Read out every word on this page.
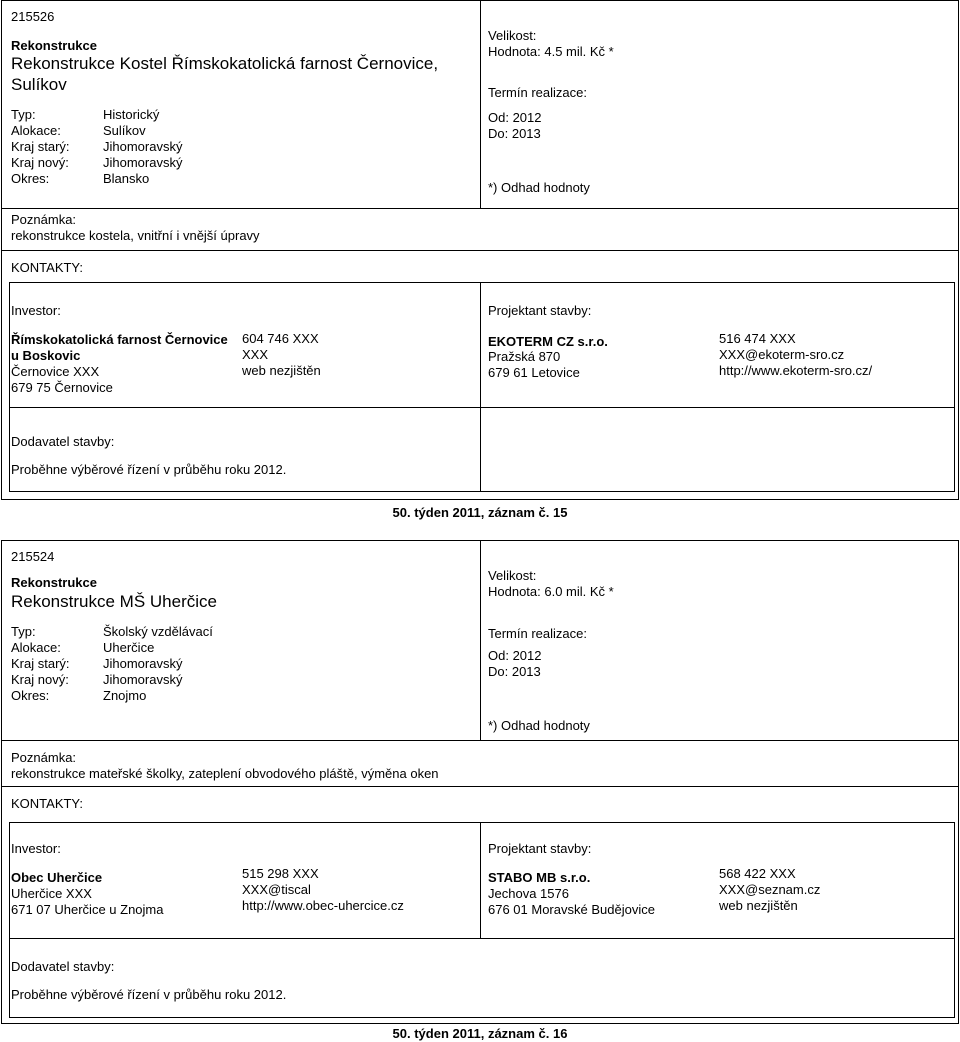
215526
Rekonstrukce
Rekonstrukce Kostel Římskokatolická farnost Černovice,
Sulíkov
Typ:	Historický
Alokace:	Sulíkov
Kraj starý:	Jihomoravský
Kraj nový:	Jihomoravský
Okres:	Blansko
Velikost:
Hodnota: 4.5 mil. Kč *
Termín realizace:
Od: 2012
Do: 2013
*) Odhad hodnoty
Poznámka:
rekonstrukce kostela, vnitřní i vnější úpravy
KONTAKTY:
Investor:
Římskokatolická farnost Černovice
u Boskovic
Černovice XXX
679 75 Černovice
604 746 XXX
XXX
web nezjištěn
Projektant stavby:
EKOTERM CZ s.r.o.
Pražská 870
679 61 Letovice
516 474 XXX
XXX@ekoterm-sro.cz
http://www.ekoterm-sro.cz/
Dodavatel stavby:
Proběhne výběrové řízení v průběhu roku 2012.
50. týden 2011, záznam č. 15
215524
Rekonstrukce
Rekonstrukce MŠ Uherčice
Typ:	Školský vzdělávací
Alokace:	Uherčice
Kraj starý:	Jihomoravský
Kraj nový:	Jihomoravský
Okres:	Znojmo
Velikost:
Hodnota: 6.0 mil. Kč *
Termín realizace:
Od: 2012
Do: 2013
*) Odhad hodnoty
Poznámka:
rekonstrukce mateřské školky, zateplení obvodového pláště, výměna oken
KONTAKTY:
Investor:
Obec Uherčice
Uherčice XXX
671 07 Uherčice u Znojma
515 298 XXX
XXX@tiscal
http://www.obec-uhercice.cz
Projektant stavby:
STABO MB s.r.o.
Jechova 1576
676 01 Moravské Budějovice
568 422 XXX
XXX@seznam.cz
web nezjištěn
Dodavatel stavby:
Proběhne výběrové řízení v průběhu roku 2012.
50. týden 2011, záznam č. 16
